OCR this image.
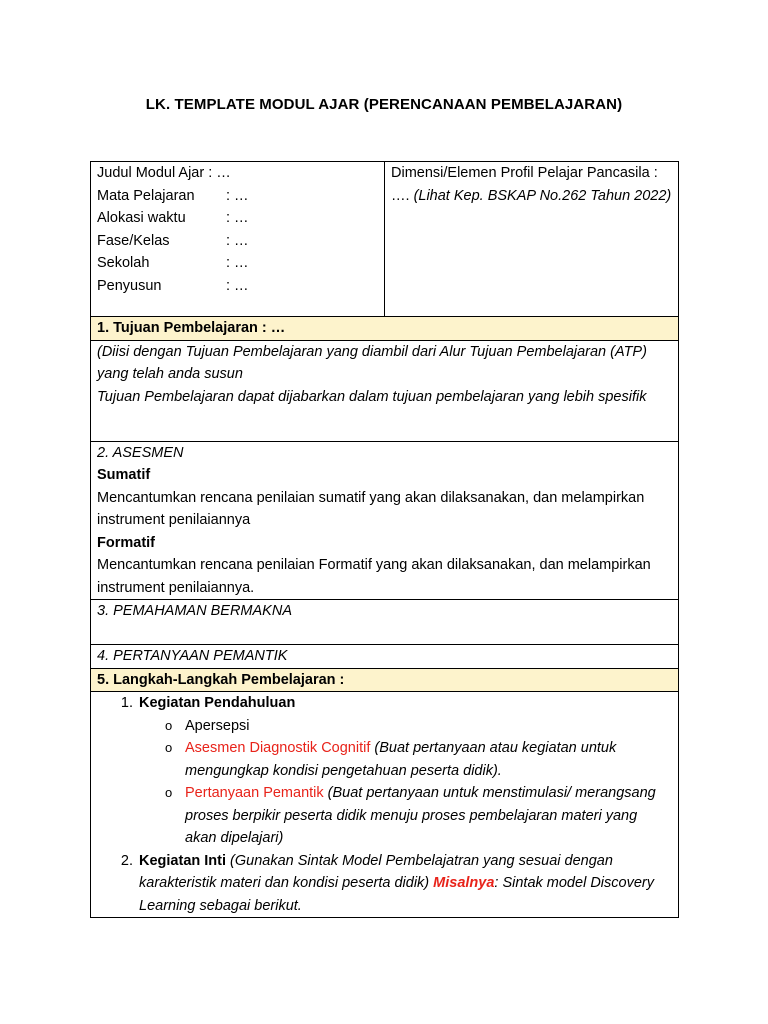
LK. TEMPLATE MODUL AJAR (PERENCANAAN PEMBELAJARAN)
Judul Modul Ajar : …
Mata Pelajaran : …
Alokasi waktu	: …
Fase/Kelas	: …
Sekolah	: …
Penyusun	: …
	Dimensi/Elemen Profil Pelajar Pancasila : …. (Lihat Kep. BSKAP No.262 Tahun 2022)
1. Tujuan Pembelajaran : …

(Diisi dengan Tujuan Pembelajaran yang diambil dari Alur Tujuan Pembelajaran (ATP) yang telah anda susun
Tujuan Pembelajaran dapat dijabarkan dalam tujuan pembelajaran yang lebih spesifik

2. ASESMEN
Sumatif
Mencantumkan rencana penilaian sumatif yang akan dilaksanakan, dan melampirkan instrument penilaiannya
Formatif
Mencantumkan rencana penilaian Formatif yang akan dilaksanakan, dan melampirkan instrument penilaiannya.

3. PEMAHAMAN BERMAKNA
4. PERTANYAAN PEMANTIK
5. Langkah-Langkah Pembelajaran :

1. Kegiatan Pendahuluan
o Apersepsi
o Asesmen Diagnostik Cognitif (Buat pertanyaan atau kegiatan untuk mengungkap kondisi pengetahuan peserta didik).
o Pertanyaan Pemantik (Buat pertanyaan untuk menstimulasi/ merangsang proses berpikir peserta didik menuju proses pembelajaran materi yang akan dipelajari)
2. Kegiatan Inti (Gunakan Sintak Model Pembelajatran yang sesuai dengan karakteristik materi dan kondisi peserta didik) Misalnya: Sintak model Discovery Learning sebagai berikut.
